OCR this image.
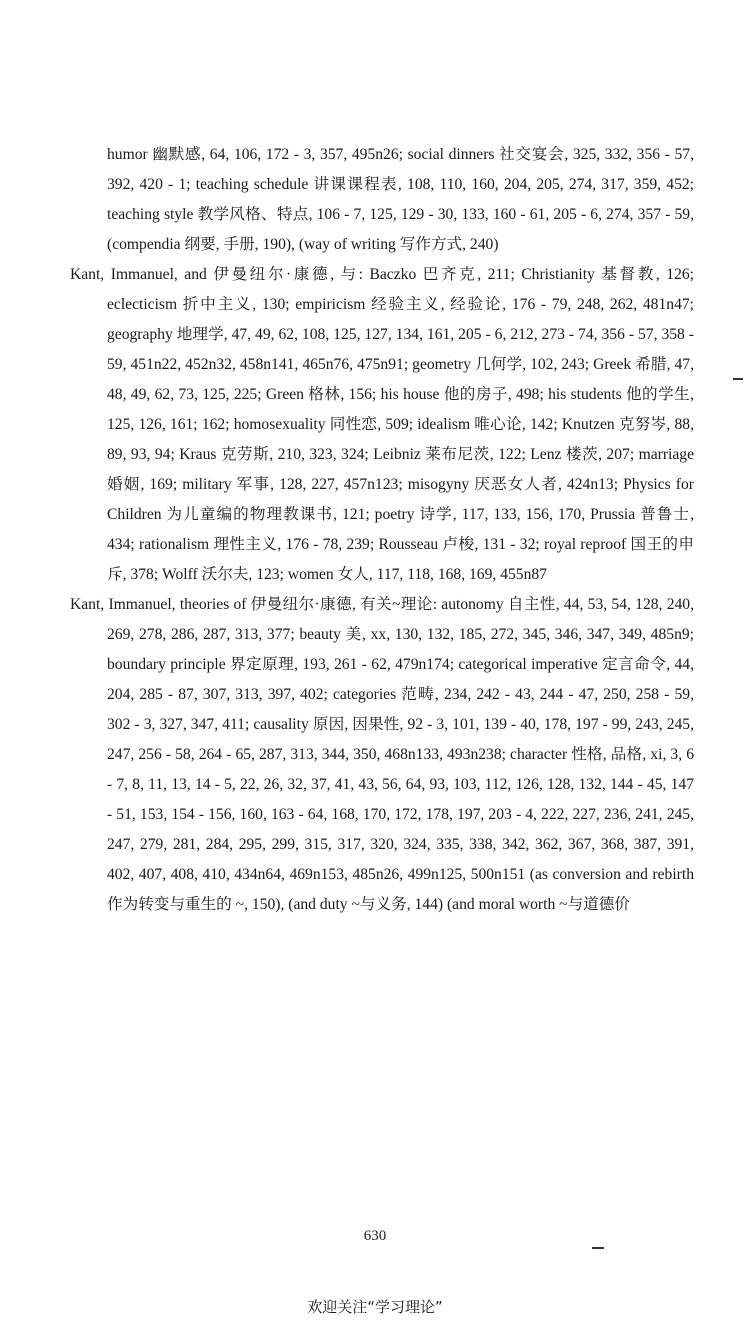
humor 幽默感, 64, 106, 172 - 3, 357, 495n26; social dinners 社交宴会, 325, 332, 356 - 57, 392, 420 - 1; teaching schedule 讲课课程表, 108, 110, 160, 204, 205, 274, 317, 359, 452; teaching style 教学风格、特点, 106 - 7, 125, 129 - 30, 133, 160 - 61, 205 - 6, 274, 357 - 59, (compendia 纲要, 手册, 190), (way of writing 写作方式, 240)

Kant, Immanuel, and 伊曼纽尔·康德, 与: Baczko 巴齐克, 211; Christianity 基督教, 126; eclecticism 折中主义, 130; empiricism 经验主义, 经验论, 176 - 79, 248, 262, 481n47; geography 地理学, 47, 49, 62, 108, 125, 127, 134, 161, 205 - 6, 212, 273 - 74, 356 - 57, 358 - 59, 451n22, 452n32, 458n141, 465n76, 475n91; geometry 几何学, 102, 243; Greek 希腊, 47, 48, 49, 62, 73, 125, 225; Green 格林, 156; his house 他的房子, 498; his students 他的学生, 125, 126, 161; 162; homosexuality 同性恋, 509; idealism 唯心论, 142; Knutzen 克努岑, 88, 89, 93, 94; Kraus 克劳斯, 210, 323, 324; Leibniz 莱布尼茨, 122; Lenz 楼茨, 207; marriage 婚姻, 169; military 军事, 128, 227, 457n123; misogyny 厌恶女人者, 424n13; Physics for Children 为儿童编的物理教课书, 121; poetry 诗学, 117, 133, 156, 170, Prussia 普鲁士, 434; rationalism 理性主义, 176 - 78, 239; Rousseau 卢梭, 131 - 32; royal reproof 国王的申斥, 378; Wolff 沃尔夫, 123; women 女人, 117, 118, 168, 169, 455n87

Kant, Immanuel, theories of 伊曼纽尔·康德, 有关~理论: autonomy 自主性, 44, 53, 54, 128, 240, 269, 278, 286, 287, 313, 377; beauty 美, xx, 130, 132, 185, 272, 345, 346, 347, 349, 485n9; boundary principle 界定原理, 193, 261 - 62, 479n174; categorical imperative 定言命令, 44, 204, 285 - 87, 307, 313, 397, 402; categories 范畴, 234, 242 - 43, 244 - 47, 250, 258 - 59, 302 - 3, 327, 347, 411; causality 原因, 因果性, 92 - 3, 101, 139 - 40, 178, 197 - 99, 243, 245, 247, 256 - 58, 264 - 65, 287, 313, 344, 350, 468n133, 493n238; character 性格, 品格, xi, 3, 6 - 7, 8, 11, 13, 14 - 5, 22, 26, 32, 37, 41, 43, 56, 64, 93, 103, 112, 126, 128, 132, 144 - 45, 147 - 51, 153, 154 - 156, 160, 163 - 64, 168, 170, 172, 178, 197, 203 - 4, 222, 227, 236, 241, 245, 247, 279, 281, 284, 295, 299, 315, 317, 320, 324, 335, 338, 342, 362, 367, 368, 387, 391, 402, 407, 408, 410, 434n64, 469n153, 485n26, 499n125, 500n151 (as conversion and rebirth 作为转变与重生的 ~, 150), (and duty ~与义务, 144) (and moral worth ~与道德价

630
欢迎关注“学习理论”
